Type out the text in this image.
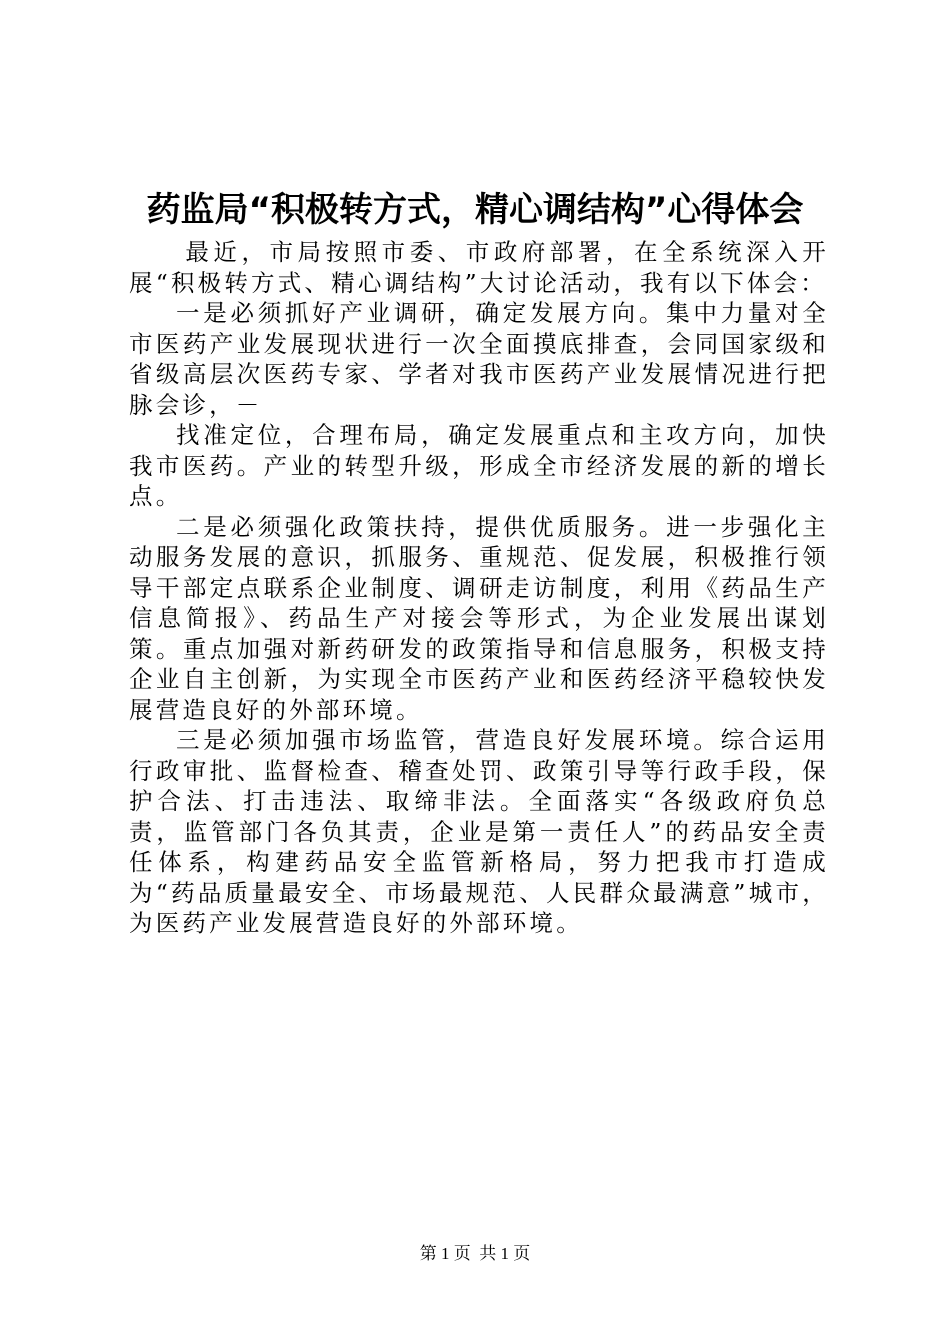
药监局“积极转方式，精心调结构”心得体会

最近，市局按照市委、市政府部署，在全系统深入开展“积极转方式、精心调结构”大讨论活动，我有以下体会：

一是必须抓好产业调研，确定发展方向。集中力量对全市医药产业发展现状进行一次全面摸底排查，会同国家级和省级高层次医药专家、学者对我市医药产业发展情况进行把脉会诊，－

找准定位，合理布局，确定发展重点和主攻方向，加快我市医药。产业的转型升级，形成全市经济发展的新的增长点。

二是必须强化政策扶持，提供优质服务。进一步强化主动服务发展的意识，抓服务、重规范、促发展，积极推行领导干部定点联系企业制度、调研走访制度，利用《药品生产信息简报》、药品生产对接会等形式，为企业发展出谋划策。重点加强对新药研发的政策指导和信息服务，积极支持企业自主创新，为实现全市医药产业和医药经济平稳较快发展营造良好的外部环境。

三是必须加强市场监管，营造良好发展环境。综合运用行政审批、监督检查、稽查处罚、政策引导等行政手段，保护合法、打击违法、取缔非法。全面落实“各级政府负总责，监管部门各负其责，企业是第一责任人”的药品安全责任体系，构建药品安全监管新格局，努力把我市打造成为“药品质量最安全、市场最规范、人民群众最满意”城市，为医药产业发展营造良好的外部环境。

第 1 页  共 1 页
